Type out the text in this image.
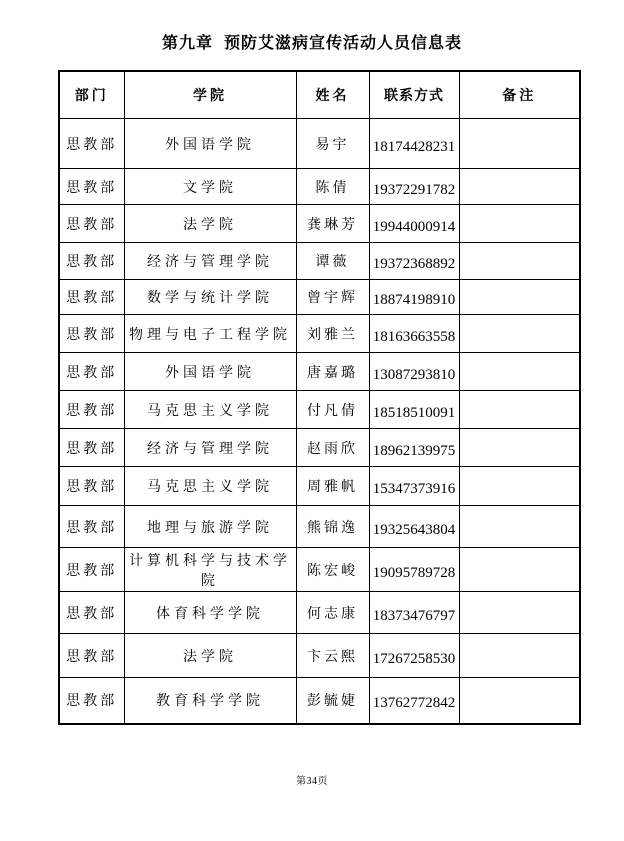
第九章  预防艾滋病宣传活动人员信息表
部门	学院	姓名	联系方式	备注
思教部	外国语学院	易宇	18174428231	
思教部	文学院	陈倩	19372291782	
思教部	法学院	龚琳芳	19944000914	
思教部	经济与管理学院	谭薇	19372368892	
思教部	数学与统计学院	曾宇辉	18874198910	
思教部	物理与电子工程学院	刘雅兰	18163663558	
思教部	外国语学院	唐嘉璐	13087293810	
思教部	马克思主义学院	付凡倩	18518510091	
思教部	经济与管理学院	赵雨欣	18962139975	
思教部	马克思主义学院	周雅帆	15347373916	
思教部	地理与旅游学院	熊锦逸	19325643804	
思教部	计算机科学与技术学院	陈宏峻	19095789728	
思教部	体育科学学院	何志康	18373476797	
思教部	法学院	卞云熙	17267258530	
思教部	教育科学学院	彭毓婕	13762772842	
第34页
